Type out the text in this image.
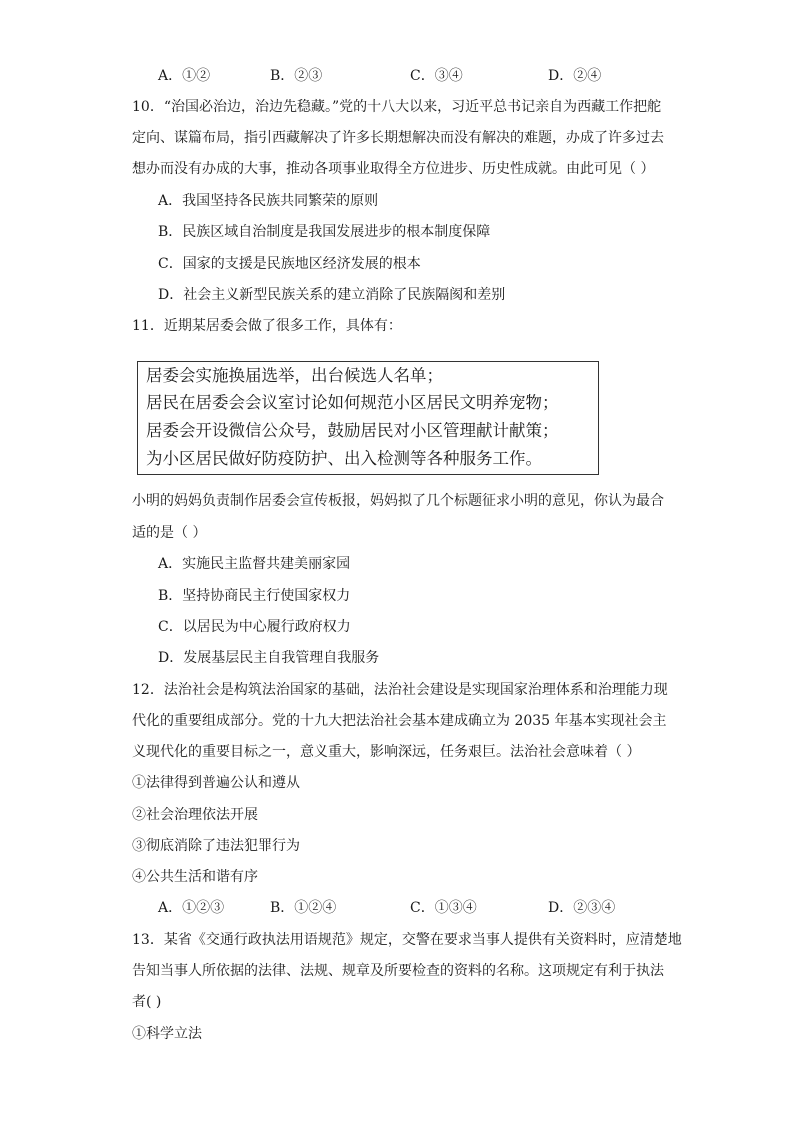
A．①②	B．②③	C．③④	D．②④
10．“治国必治边，治边先稳藏。”党的十八大以来，习近平总书记亲自为西藏工作把舵
定向、谋篇布局，指引西藏解决了许多长期想解决而没有解决的难题，办成了许多过去
想办而没有办成的大事，推动各项事业取得全方位进步、历史性成就。由此可见（ ）
A．我国坚持各民族共同繁荣的原则
B．民族区域自治制度是我国发展进步的根本制度保障
C．国家的支援是民族地区经济发展的根本
D．社会主义新型民族关系的建立消除了民族隔阂和差别
11．近期某居委会做了很多工作，具体有：
居委会实施换届选举，出台候选人名单；
居民在居委会会议室讨论如何规范小区居民文明养宠物；
居委会开设微信公众号，鼓励居民对小区管理献计献策；
为小区居民做好防疫防护、出入检测等各种服务工作。
小明的妈妈负责制作居委会宣传板报，妈妈拟了几个标题征求小明的意见，你认为最合
适的是（ ）
A．实施民主监督共建美丽家园
B．坚持协商民主行使国家权力
C．以居民为中心履行政府权力
D．发展基层民主自我管理自我服务
12．法治社会是构筑法治国家的基础，法治社会建设是实现国家治理体系和治理能力现
代化的重要组成部分。党的十九大把法治社会基本建成确立为 2035 年基本实现社会主
义现代化的重要目标之一，意义重大，影响深远，任务艰巨。法治社会意味着（ ）
①法律得到普遍公认和遵从
②社会治理依法开展
③彻底消除了违法犯罪行为
④公共生活和谐有序
A．①②③	B．①②④	C．①③④	D．②③④
13．某省《交通行政执法用语规范》规定，交警在要求当事人提供有关资料时，应清楚地
告知当事人所依据的法律、法规、规章及所要检查的资料的名称。这项规定有利于执法
者( )
①科学立法
